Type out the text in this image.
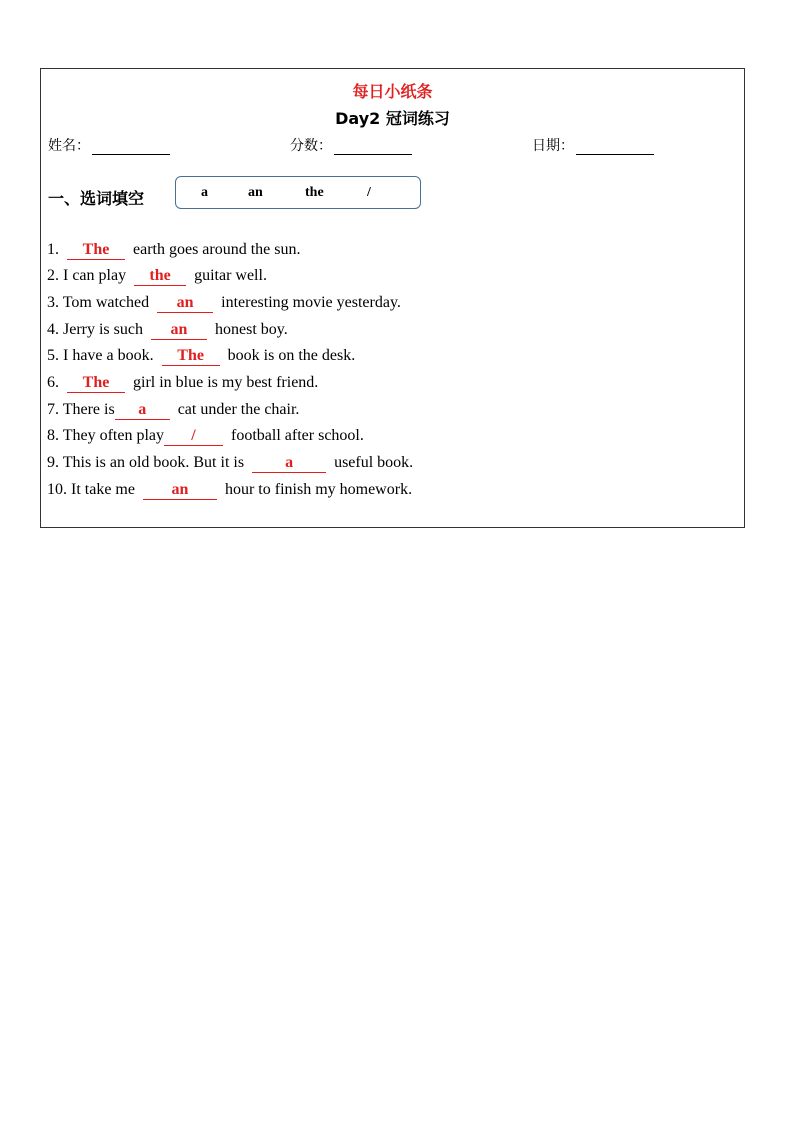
每日小纸条
Day2 冠词练习
姓名：	分数：	日期：
一、选词填空	a	an	the	/
1. The earth goes around the sun.
2. I can play the guitar well.
3. Tom watched an interesting movie yesterday.
4. Jerry is such an honest boy.
5. I have a book. The book is on the desk.
6. The girl in blue is my best friend.
7. There is a cat under the chair.
8. They often play / football after school.
9. This is an old book. But it is	a	useful book.
10. It take me an hour to finish my homework.
